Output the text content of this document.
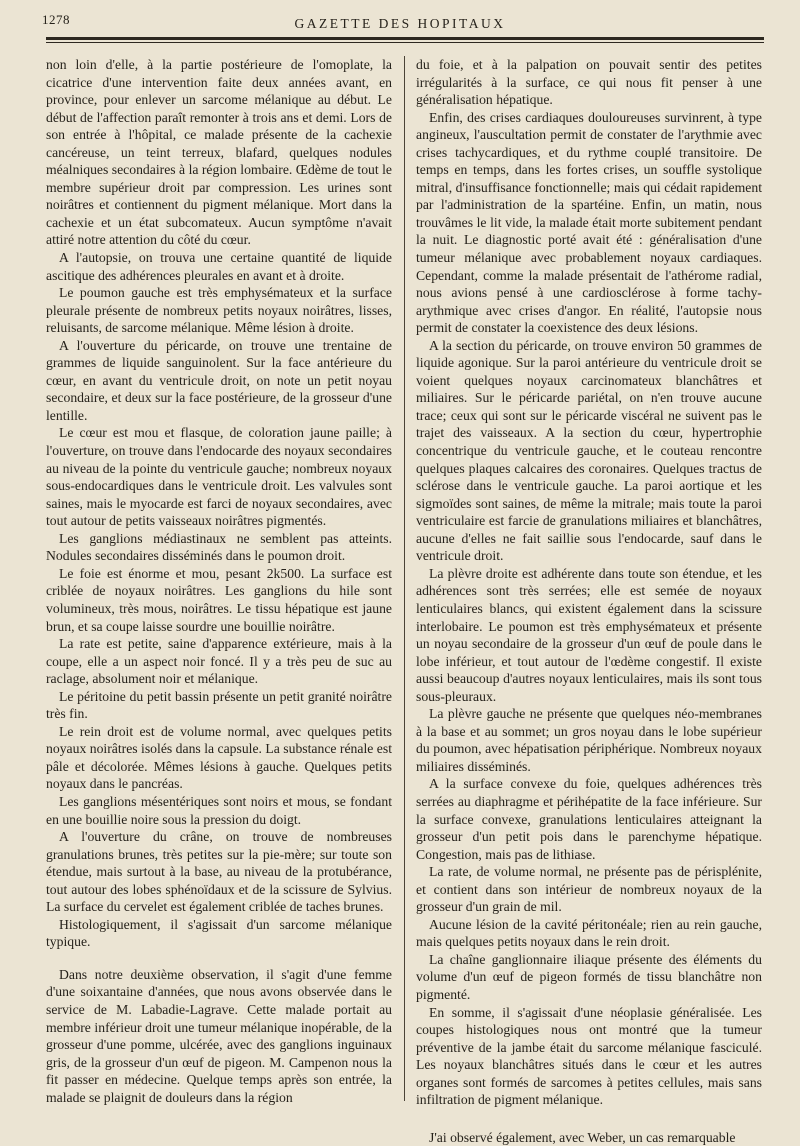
1278	GAZETTE DES HOPITAUX

non loin d'elle, à la partie postérieure de l'omoplate, la cicatrice d'une intervention faite deux années avant, en province, pour enlever un sarcome mélanique au début. Le début de l'affection paraît remonter à trois ans et demi. Lors de son entrée à l'hôpital, ce malade présente de la cachexie cancéreuse, un teint terreux, blafard, quelques nodules méalniques secondaires à la région lombaire. Œdème de tout le membre supérieur droit par compression. Les urines sont noirâtres et contiennent du pigment mélanique. Mort dans la cachexie et un état subcomateux. Aucun symptôme n'avait attiré notre attention du côté du cœur.

A l'autopsie, on trouva une certaine quantité de liquide ascitique des adhérences pleurales en avant et à droite.

Le poumon gauche est très emphysémateux et la surface pleurale présente de nombreux petits noyaux noirâtres, lisses, reluisants, de sarcome mélanique. Même lésion à droite.

A l'ouverture du péricarde, on trouve une trentaine de grammes de liquide sanguinolent. Sur la face antérieure du cœur, en avant du ventricule droit, on note un petit noyau secondaire, et deux sur la face postérieure, de la grosseur d'une lentille.

Le cœur est mou et flasque, de coloration jaune paille; à l'ouverture, on trouve dans l'endocarde des noyaux secondaires au niveau de la pointe du ventricule gauche; nombreux noyaux sous-endocardiques dans le ventricule droit. Les valvules sont saines, mais le myocarde est farci de noyaux secondaires, avec tout autour de petits vaisseaux noirâtres pigmentés.

Les ganglions médiastinaux ne semblent pas atteints. Nodules secondaires disséminés dans le poumon droit.

Le foie est énorme et mou, pesant 2k500. La surface est criblée de noyaux noirâtres. Les ganglions du hile sont volumineux, très mous, noirâtres. Le tissu hépatique est jaune brun, et sa coupe laisse sourdre une bouillie noirâtre.

La rate est petite, saine d'apparence extérieure, mais à la coupe, elle a un aspect noir foncé. Il y a très peu de suc au raclage, absolument noir et mélanique.

Le péritoine du petit bassin présente un petit granité noirâtre très fin.

Le rein droit est de volume normal, avec quelques petits noyaux noirâtres isolés dans la capsule. La substance rénale est pâle et décolorée. Mêmes lésions à gauche. Quelques petits noyaux dans le pancréas.

Les ganglions mésentériques sont noirs et mous, se fondant en une bouillie noire sous la pression du doigt.

A l'ouverture du crâne, on trouve de nombreuses granulations brunes, très petites sur la pie-mère; sur toute son étendue, mais surtout à la base, au niveau de la protubérance, tout autour des lobes sphénoïdaux et de la scissure de Sylvius. La surface du cervelet est également criblée de taches brunes.

Histologiquement, il s'agissait d'un sarcome mélanique typique.

Dans notre deuxième observation, il s'agit d'une femme d'une soixantaine d'années, que nous avons observée dans le service de M. Labadie-Lagrave. Cette malade portait au membre inférieur droit une tumeur mélanique inopérable, de la grosseur d'une pomme, ulcérée, avec des ganglions inguinaux gris, de la grosseur d'un œuf de pigeon. M. Campenon nous la fit passer en médecine. Quelque temps après son entrée, la malade se plaignit de douleurs dans la région

du foie, et à la palpation on pouvait sentir des petites irrégularités à la surface, ce qui nous fit penser à une généralisation hépatique.

Enfin, des crises cardiaques douloureuses survinrent, à type angineux, l'auscultation permit de constater de l'arythmie avec crises tachycardiques, et du rythme couplé transitoire. De temps en temps, dans les fortes crises, un souffle systolique mitral, d'insuffisance fonctionnelle; mais qui cédait rapidement par l'administration de la spartéine. Enfin, un matin, nous trouvâmes le lit vide, la malade était morte subitement pendant la nuit. Le diagnostic porté avait été : généralisation d'une tumeur mélanique avec probablement noyaux cardiaques. Cependant, comme la malade présentait de l'athérome radial, nous avions pensé à une cardiosclérose à forme tachy-arythmique avec crises d'angor. En réalité, l'autopsie nous permit de constater la coexistence des deux lésions.

A la section du péricarde, on trouve environ 50 grammes de liquide agonique. Sur la paroi antérieure du ventricule droit se voient quelques noyaux carcinomateux blanchâtres et miliaires. Sur le péricarde pariétal, on n'en trouve aucune trace; ceux qui sont sur le péricarde viscéral ne suivent pas le trajet des vaisseaux. A la section du cœur, hypertrophie concentrique du ventricule gauche, et le couteau rencontre quelques plaques calcaires des coronaires. Quelques tractus de sclérose dans le ventricule gauche. La paroi aortique et les sigmoïdes sont saines, de même la mitrale; mais toute la paroi ventriculaire est farcie de granulations miliaires et blanchâtres, aucune d'elles ne fait saillie sous l'endocarde, sauf dans le ventricule droit.

La plèvre droite est adhérente dans toute son étendue, et les adhérences sont très serrées; elle est semée de noyaux lenticulaires blancs, qui existent également dans la scissure interlobaire. Le poumon est très emphysémateux et présente un noyau secondaire de la grosseur d'un œuf de poule dans le lobe inférieur, et tout autour de l'œdème congestif. Il existe aussi beaucoup d'autres noyaux lenticulaires, mais ils sont tous sous-pleuraux.

La plèvre gauche ne présente que quelques néo-membranes à la base et au sommet; un gros noyau dans le lobe supérieur du poumon, avec hépatisation périphérique. Nombreux noyaux miliaires disséminés.

A la surface convexe du foie, quelques adhérences très serrées au diaphragme et périhépatite de la face inférieure. Sur la surface convexe, granulations lenticulaires atteignant la grosseur d'un petit pois dans le parenchyme hépatique. Congestion, mais pas de lithiase.

La rate, de volume normal, ne présente pas de périsplénite, et contient dans son intérieur de nombreux noyaux de la grosseur d'un grain de mil.

Aucune lésion de la cavité péritonéale; rien au rein gauche, mais quelques petits noyaux dans le rein droit.

La chaîne ganglionnaire iliaque présente des éléments du volume d'un œuf de pigeon formés de tissu blanchâtre non pigmenté.

En somme, il s'agissait d'une néoplasie généralisée. Les coupes histologiques nous ont montré que la tumeur préventive de la jambe était du sarcome mélanique fasciculé. Les noyaux blanchâtres situés dans le cœur et les autres organes sont formés de sarcomes à petites cellules, mais sans infiltration de pigment mélanique.

J'ai observé également, avec Weber, un cas remarquable
